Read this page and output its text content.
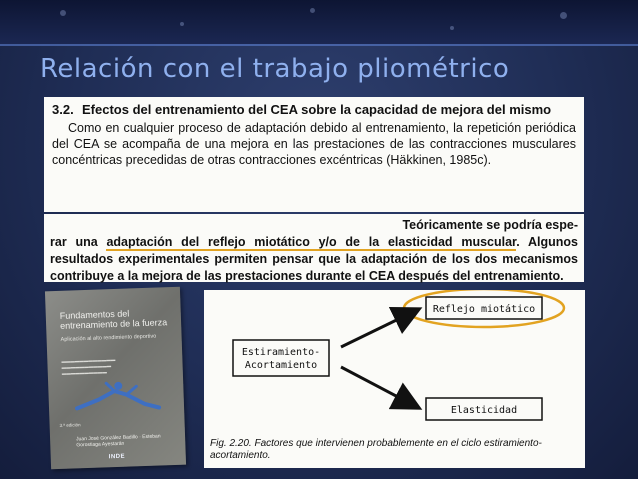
Relación con el trabajo pliométrico
3.2. Efectos del entrenamiento del CEA sobre la capacidad de mejora del mismo
Como en cualquier proceso de adaptación debido al entrenamiento, la repetición periódica del CEA se acompaña de una mejora en las prestaciones de las contracciones musculares concéntricas precedidas de otras contracciones excéntricas (Häkkinen, 1985c).
Teóricamente se podría espe-
rar una adaptación del reflejo miotático y/o de la elasticidad muscular. Algunos resultados experimentales permiten pensar que la adaptación de los dos mecanismos contribuye a la mejora de las prestaciones durante el CEA después del entrenamiento.
Fundamentos del entrenamiento de la fuerza
Aplicación al alto rendimiento deportivo
▬▬▬▬▬▬▬▬▬▬▬▬
▬▬▬▬▬▬▬▬▬▬▬
▬▬▬▬▬▬▬▬▬▬
3.ª edición
Juan José González Badillo · Esteban Gorostiaga Ayestarán
INDE
Estiramiento-
Acortamiento
Reflejo miotático
Elasticidad
Fig. 2.20. Factores que intervienen probablemente en el ciclo estiramiento-acortamiento.
